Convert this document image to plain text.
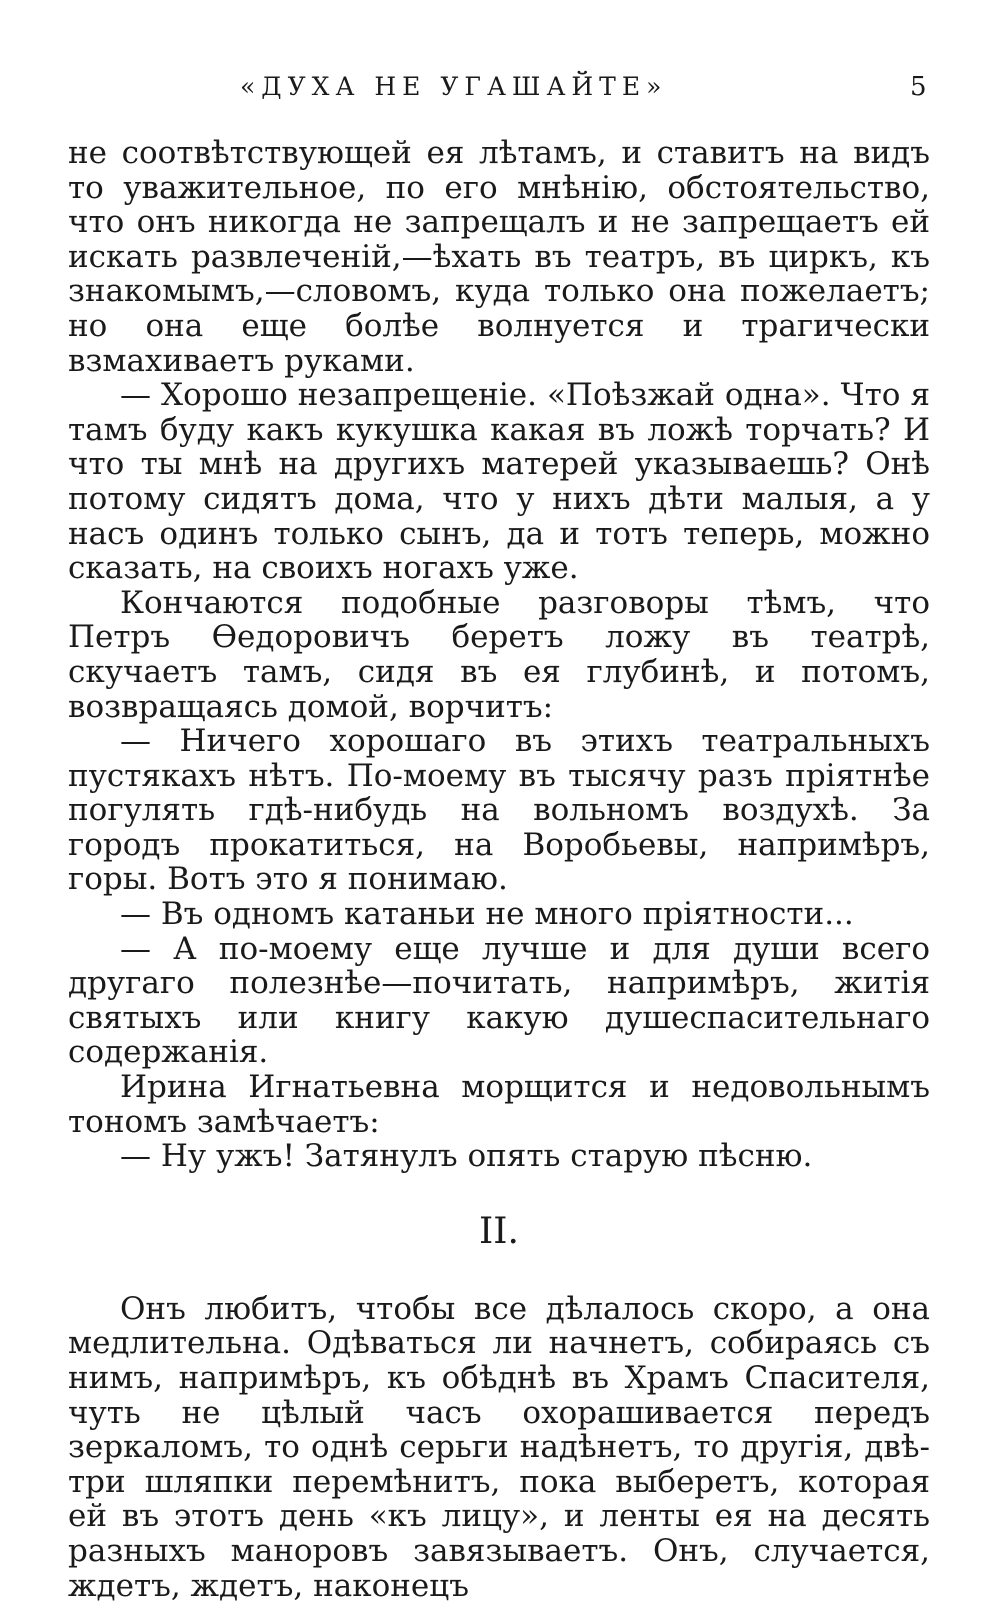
«ДУХА НЕ УГАШАЙТЕ»	5

не соотвѣтствующей ея лѣтамъ, и ставитъ на видъ то уважительное, по его мнѣнію, обстоятельство, что онъ никогда не запрещалъ и не запрещаетъ ей искать развлеченій,—ѣхать въ театръ, въ циркъ, къ знакомымъ,—словомъ, куда только она пожелаетъ; но она еще болѣе волнуется и трагически взмахиваетъ руками.

— Хорошо незапрещеніе. «Поѣзжай одна». Что я тамъ буду какъ кукушка какая въ ложѣ торчать? И что ты мнѣ на другихъ матерей указываешь? Онѣ потому сидятъ дома, что у нихъ дѣти малыя, а у насъ одинъ только сынъ, да и тотъ теперь, можно сказать, на своихъ ногахъ уже.

Кончаются подобные разговоры тѣмъ, что Петръ Ѳедоровичъ беретъ ложу въ театрѣ, скучаетъ тамъ, сидя въ ея глубинѣ, и потомъ, возвращаясь домой, ворчитъ:

— Ничего хорошаго въ этихъ театральныхъ пустякахъ нѣтъ. По-моему въ тысячу разъ пріятнѣе погулять гдѣ-нибудь на вольномъ воздухѣ. За городъ прокатиться, на Воробьевы, напримѣръ, горы. Вотъ это я понимаю.

— Въ одномъ катаньи не много пріятности...

— А по-моему еще лучше и для души всего другаго полезнѣе—почитать, напримѣръ, житія святыхъ или книгу какую душеспасительнаго содержанія.

Ирина Игнатьевна морщится и недовольнымъ тономъ замѣчаетъ:

— Ну ужъ! Затянулъ опять старую пѣсню.

II.

Онъ любитъ, чтобы все дѣлалось скоро, а она медлительна. Одѣваться ли начнетъ, собираясь съ нимъ, напримѣръ, къ обѣднѣ въ Храмъ Спасителя, чуть не цѣлый часъ охорашивается передъ зеркаломъ, то однѣ серьги надѣнетъ, то другія, двѣ-три шляпки перемѣнитъ, пока выберетъ, которая ей въ этотъ день «къ лицу», и ленты ея на десять разныхъ маноровъ завязываетъ. Онъ, случается, ждетъ, ждетъ, наконецъ
